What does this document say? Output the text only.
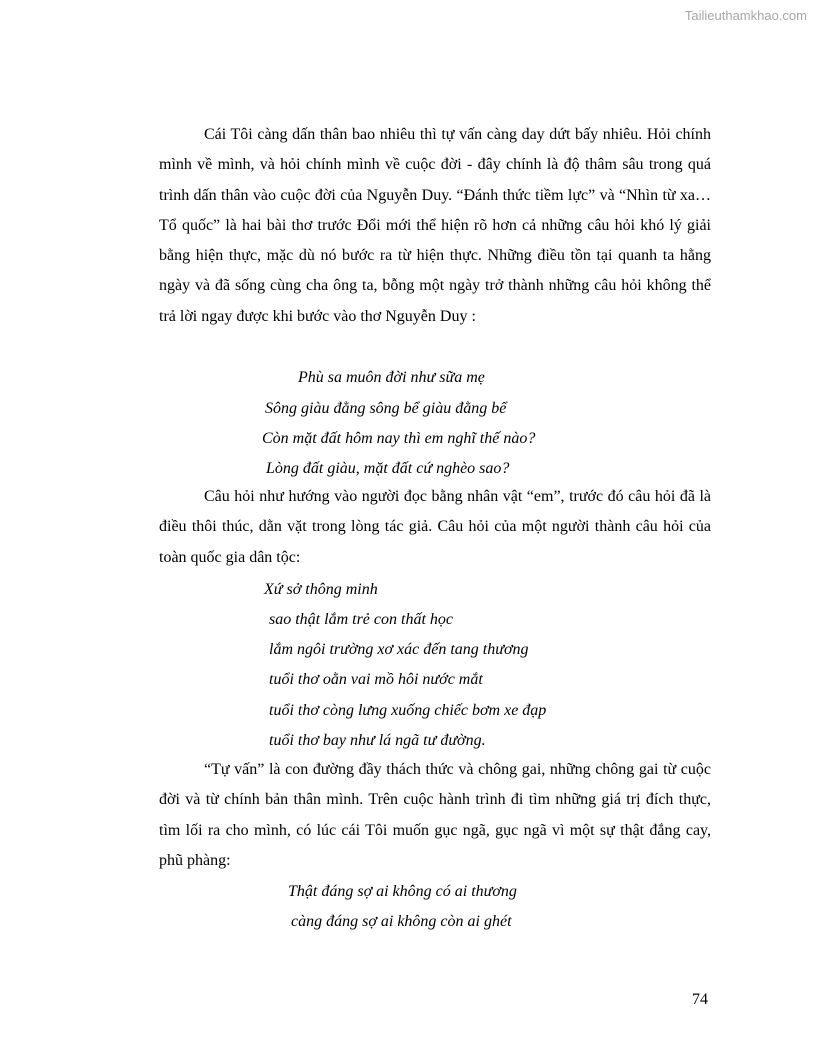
Tailieuthamkhao.com

Cái Tôi càng dấn thân bao nhiêu thì tự vấn càng day dứt bấy nhiêu. Hỏi chính mình về mình, và hỏi chính mình về cuộc đời - đây chính là độ thâm sâu trong quá trình dấn thân vào cuộc đời của Nguyễn Duy. “Đánh thức tiềm lực” và “Nhìn từ xa…Tổ quốc” là hai bài thơ trước Đổi mới thể hiện rõ hơn cả những câu hỏi khó lý giải bằng hiện thực, mặc dù nó bước ra từ hiện thực. Những điều tồn tại quanh ta hằng ngày và đã sống cùng cha ông ta, bỗng một ngày trở thành những câu hỏi không thể trả lời ngay được khi bước vào thơ Nguyễn Duy :

Phù sa muôn đời như sữa mẹ

Sông giàu đằng sông bể giàu đằng bể

Còn mặt đất hôm nay thì em nghĩ thế nào?

Lòng đất giàu, mặt đất cứ nghèo sao?

Câu hỏi như hướng vào người đọc bằng nhân vật “em”, trước đó câu hỏi đã là điều thôi thúc, dằn vặt trong lòng tác giả. Câu hỏi của một người thành câu hỏi của toàn quốc gia dân tộc:

Xứ sở thông minh

sao thật lắm trẻ con thất học

lắm ngôi trường xơ xác đến tang thương

tuổi thơ oằn vai mồ hôi nước mắt

tuổi thơ còng lưng xuống chiếc bơm xe đạp

tuổi thơ bay như lá ngã tư đường.

“Tự vấn” là con đường đầy thách thức và chông gai, những chông gai từ cuộc đời và từ chính bản thân mình. Trên cuộc hành trình đi tìm những giá trị đích thực, tìm lối ra cho mình, có lúc cái Tôi muốn gục ngã, gục ngã vì một sự thật đắng cay, phũ phàng:

Thật đáng sợ ai không có ai thương

càng đáng sợ ai không còn ai ghét

74
